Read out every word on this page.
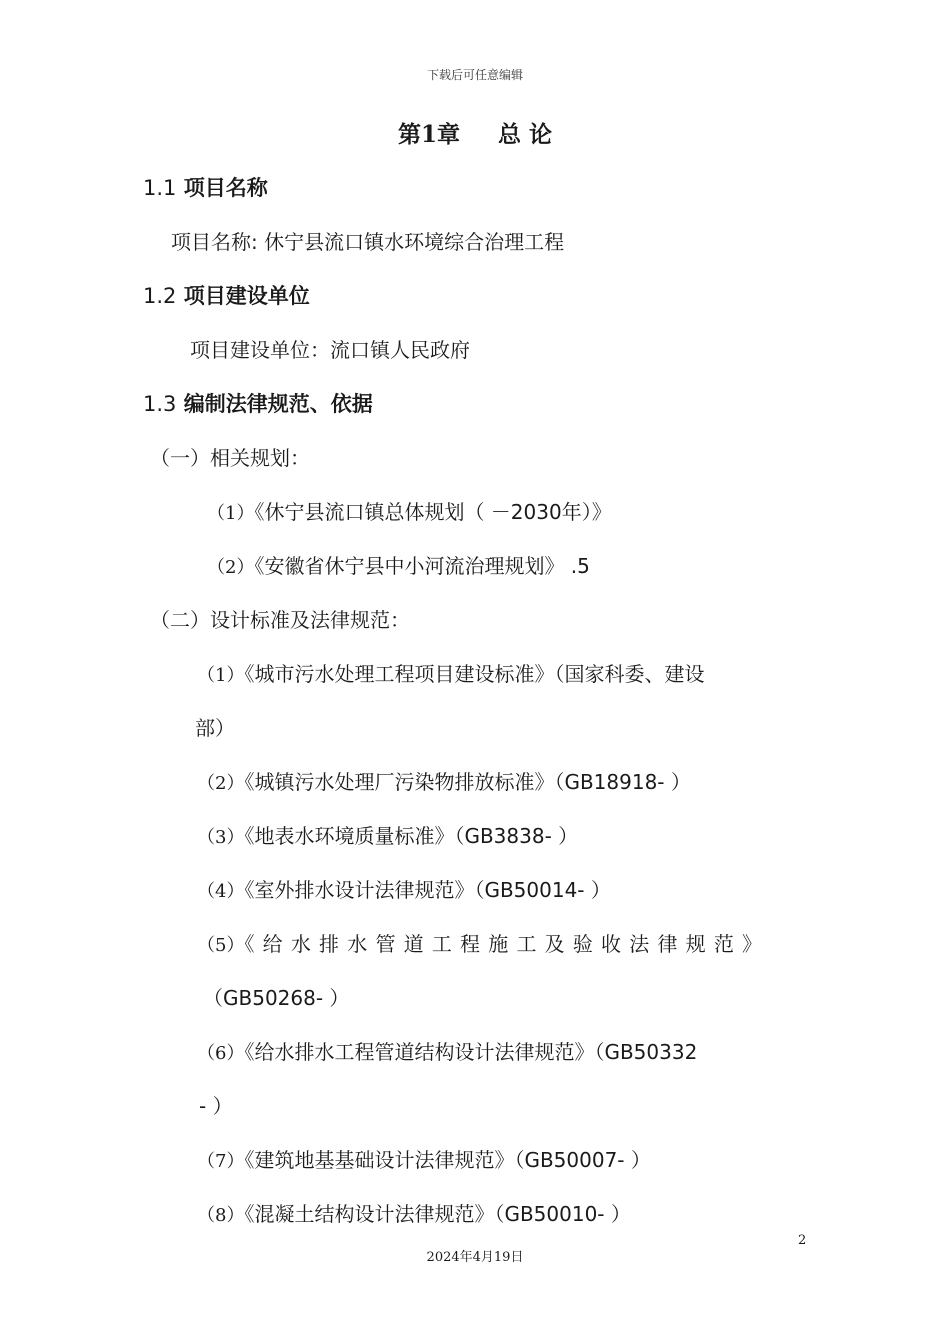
下载后可任意编辑
第1章 总 论
1.1 项目名称
项目名称: 休宁县流口镇水环境综合治理工程
1.2 项目建设单位
项目建设单位：流口镇人民政府
1.3 编制法律规范、依据
（一）相关规划：
（1）《休宁县流口镇总体规划（ －2030年）》
（2）《安徽省休宁县中小河流治理规划》 .5
（二）设计标准及法律规范：
（1）《城市污水处理工程项目建设标准》（国家科委、建设
部）
（2）《城镇污水处理厂污染物排放标准》（GB18918- ）
（3）《地表水环境质量标准》（GB3838- ）
（4）《室外排水设计法律规范》（GB50014- ）
（5）《给水排水管道工程施工及验收法律规范》
（GB50268- ）
（6）《给水排水工程管道结构设计法律规范》（GB50332
- ）
（7）《建筑地基基础设计法律规范》（GB50007- ）
（8）《混凝土结构设计法律规范》（GB50010- ）
2
2024年4月19日
